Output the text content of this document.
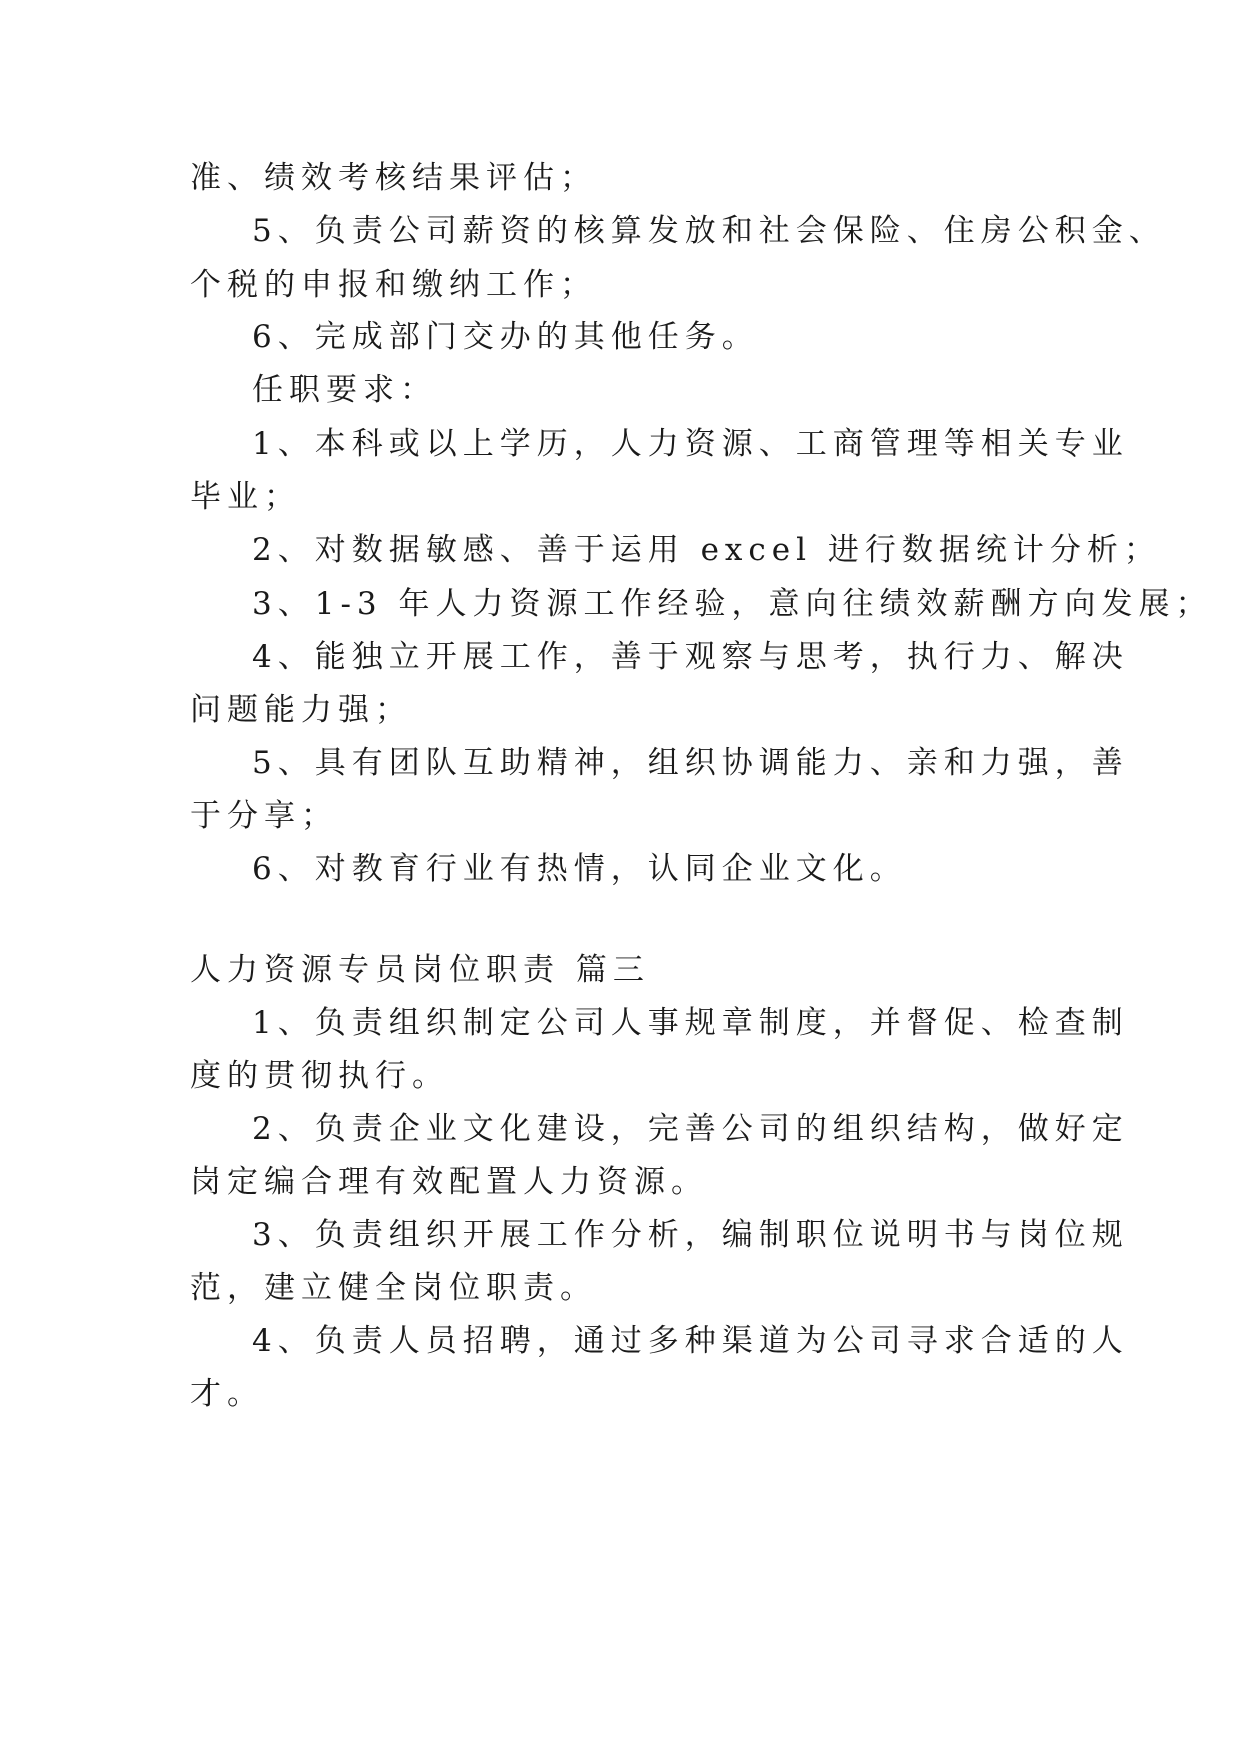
准、绩效考核结果评估；
5、负责公司薪资的核算发放和社会保险、住房公积金、
个税的申报和缴纳工作；
6、完成部门交办的其他任务。
任职要求：
1、本科或以上学历，人力资源、工商管理等相关专业
毕业；
2、对数据敏感、善于运用 excel 进行数据统计分析；
3、1-3 年人力资源工作经验，意向往绩效薪酬方向发展；
4、能独立开展工作，善于观察与思考，执行力、解决
问题能力强；
5、具有团队互助精神，组织协调能力、亲和力强，善
于分享；
6、对教育行业有热情，认同企业文化。
人力资源专员岗位职责 篇三
1、负责组织制定公司人事规章制度，并督促、检查制
度的贯彻执行。
2、负责企业文化建设，完善公司的组织结构，做好定
岗定编合理有效配置人力资源。
3、负责组织开展工作分析，编制职位说明书与岗位规
范，建立健全岗位职责。
4、负责人员招聘，通过多种渠道为公司寻求合适的人
才。
